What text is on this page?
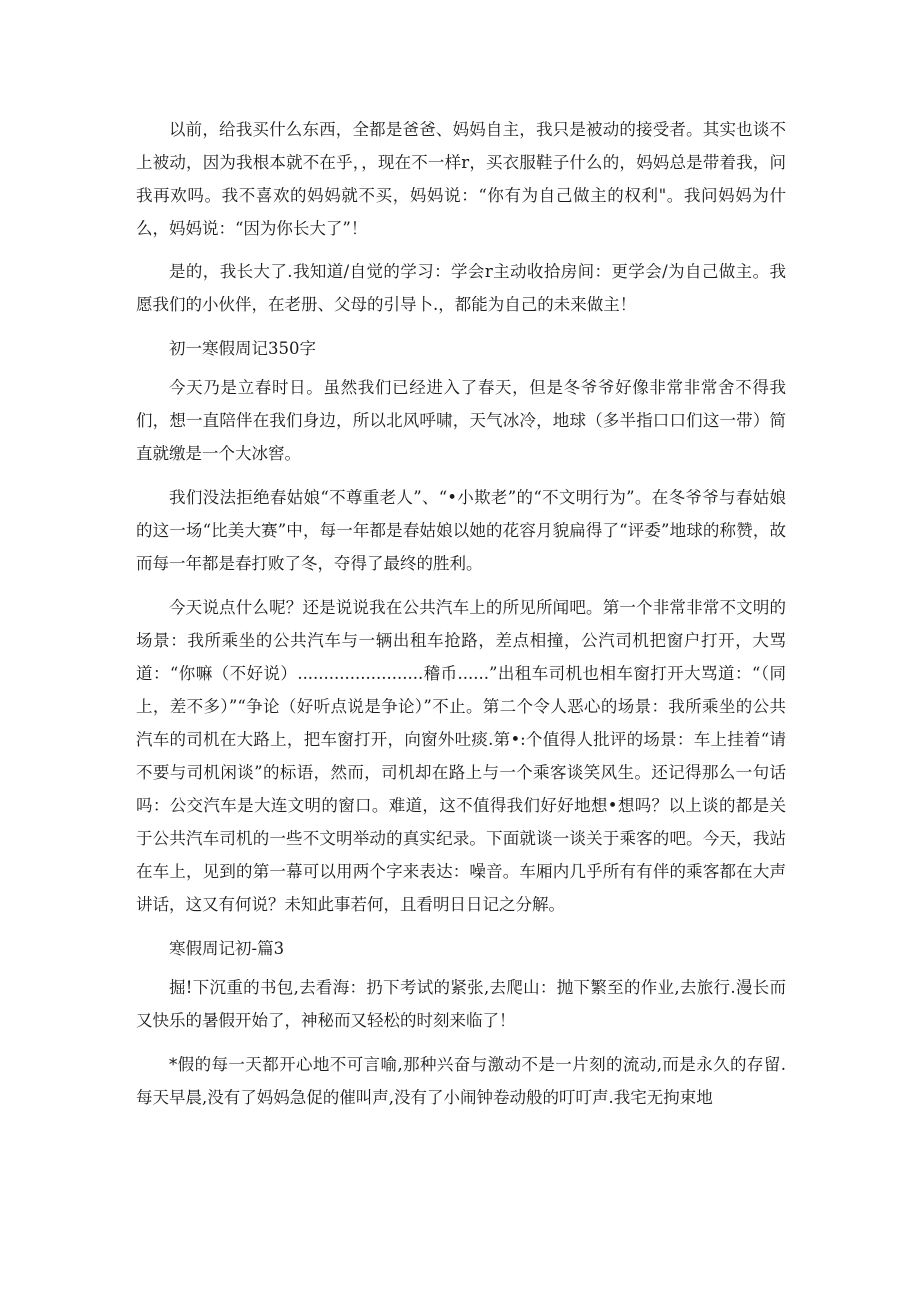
以前，给我买什么东西，全都是爸爸、妈妈自主，我只是被动的接受者。其实也谈不上被动，因为我根本就不在乎，，现在不一样r，买衣服鞋子什么的，妈妈总是带着我，问我再欢吗。我不喜欢的妈妈就不买，妈妈说：“你有为自己做主的权利"。我问妈妈为什么，妈妈说：“因为你长大了”！

是的，我长大了.我知道/自觉的学习：学会r主动收拾房间：更学会/为自己做主。我愿我们的小伙伴，在老册、父母的引导卜.，都能为自己的未来做主！

初一寒假周记350字

今天乃是立春时日。虽然我们已经进入了春天，但是冬爷爷好像非常非常舍不得我们，想一直陪伴在我们身边，所以北风呼啸，天气冰冷，地球（多半指口口们这一带）简直就缴是一个大冰窖。

我们没法拒绝春姑娘“不尊重老人”、“•小欺老”的“不文明行为”。在冬爷爷与春姑娘的这一场“比美大赛”中，每一年都是春姑娘以她的花容月貌扁得了“评委”地球的称赞，故而每一年都是春打败了冬，夺得了最终的胜利。

今天说点什么呢？还是说说我在公共汽车上的所见所闻吧。第一个非常非常不文明的场景：我所乘坐的公共汽车与一辆出租车抢路，差点相撞，公汽司机把窗户打开，大骂道：“你嘛（不好说）........................稽币......”出租车司机也相车窗打开大骂道：“（同上，差不多）”“争论（好听点说是争论）”不止。第二个令人恶心的场景：我所乘坐的公共汽车的司机在大路上，把车窗打开，向窗外吐痰.第•:个值得人批评的场景：车上挂着“请不要与司机闲谈”的标语，然而，司机却在路上与一个乘客谈笑风生。还记得那么一句话吗：公交汽车是大连文明的窗口。难道，这不值得我们好好地想•想吗？以上谈的都是关于公共汽车司机的一些不文明举动的真实纪录。下面就谈一谈关于乘客的吧。今天，我站在车上，见到的第一幕可以用两个字来表达：噪音。车厢内几乎所有有伴的乘客都在大声讲话，这又有何说？未知此事若何，且看明日日记之分解。

寒假周记初-篇3

掘!下沉重的书包,去看海：扔下考试的紧张,去爬山：抛下繁至的作业,去旅行.漫长而又快乐的暑假开始了，神秘而又轻松的时刻来临了！

*假的每一天都开心地不可言喻,那种兴奋与激动不是一片刻的流动,而是永久的存留.每天早晨,没有了妈妈急促的催叫声,没有了小闹钟卷动般的叮叮声.我宅无拘束地
